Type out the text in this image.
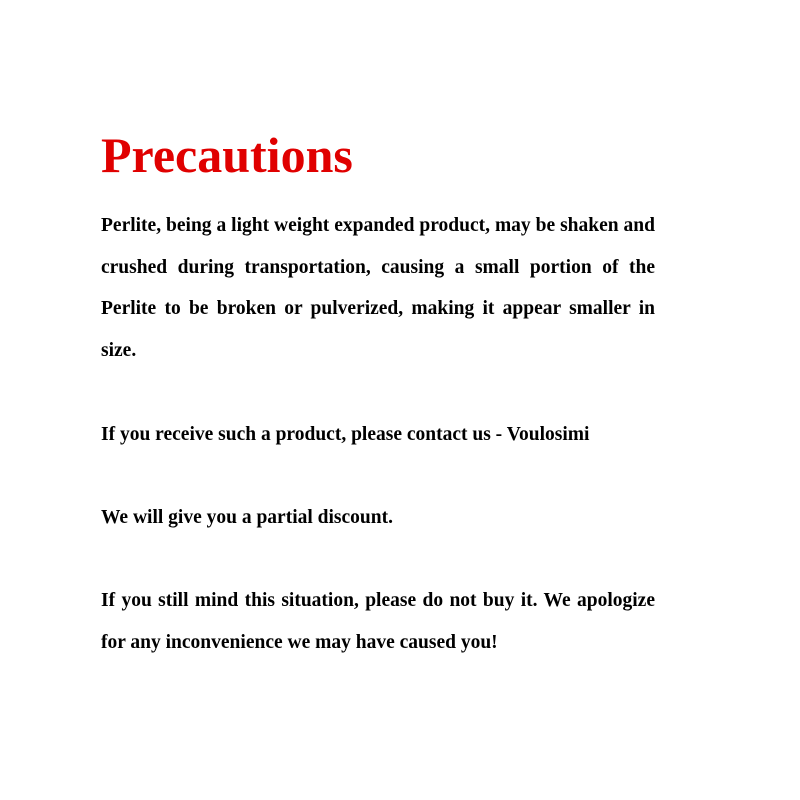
Precautions

Perlite, being a light weight expanded product, may be shaken and crushed during transportation, causing a small portion of the Perlite to be broken or pulverized, making it appear smaller in size.

If you receive such a product, please contact us - Voulosimi

We will give you a partial discount.

If you still mind this situation, please do not buy it. We apologize for any inconvenience we may have caused you!
